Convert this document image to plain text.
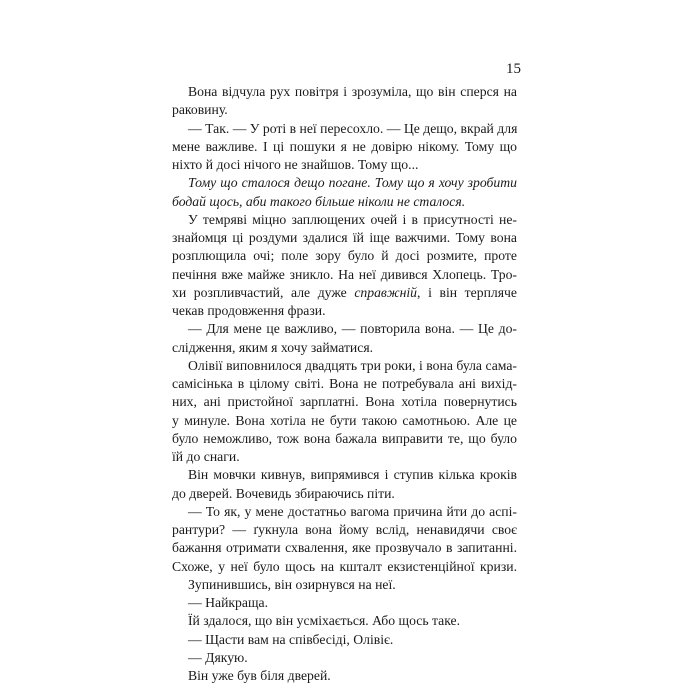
15
Вона відчула рух повітря і зрозуміла, що він сперся на
раковину.
— Так. — У роті в неї пересохло. — Це дещо, вкрай для
мене важливе. І ці пошуки я не довірю нікому. Тому що
ніхто й досі нічого не знайшов. Тому що...
Тому що сталося дещо погане. Тому що я хочу зробити
бодай щось, аби такого більше ніколи не сталося.
У темряві міцно заплющених очей і в присутності не-
знайомця ці роздуми здалися їй іще важчими. Тому вона
розплющила очі; поле зору було й досі розмите, проте
печіння вже майже зникло. На неї дивився Хлопець. Тро-
хи розпливчастий, але дуже справжній, і він терпляче
чекав продовження фрази.
— Для мене це важливо, — повторила вона. — Це до-
слідження, яким я хочу займатися.
Олівії виповнилося двадцять три роки, і вона була сама-
самісінька в цілому світі. Вона не потребувала ані вихід-
них, ані пристойної зарплатні. Вона хотіла повернутись
у минуле. Вона хотіла не бути такою самотньою. Але це
було неможливо, тож вона бажала виправити те, що було
їй до снаги.
Він мовчки кивнув, випрямився і ступив кілька кроків
до дверей. Вочевидь збираючись піти.
— То як, у мене достатньо вагома причина йти до аспі-
рантури? — ґукнула вона йому вслід, ненавидячи своє
бажання отримати схвалення, яке прозвучало в запитанні.
Схоже, у неї було щось на кшталт екзистенційної кризи.
Зупинившись, він озирнувся на неї.
— Найкраща.
Їй здалося, що він усміхається. Або щось таке.
— Щасти вам на співбесіді, Олівіє.
— Дякую.
Він уже був біля дверей.
